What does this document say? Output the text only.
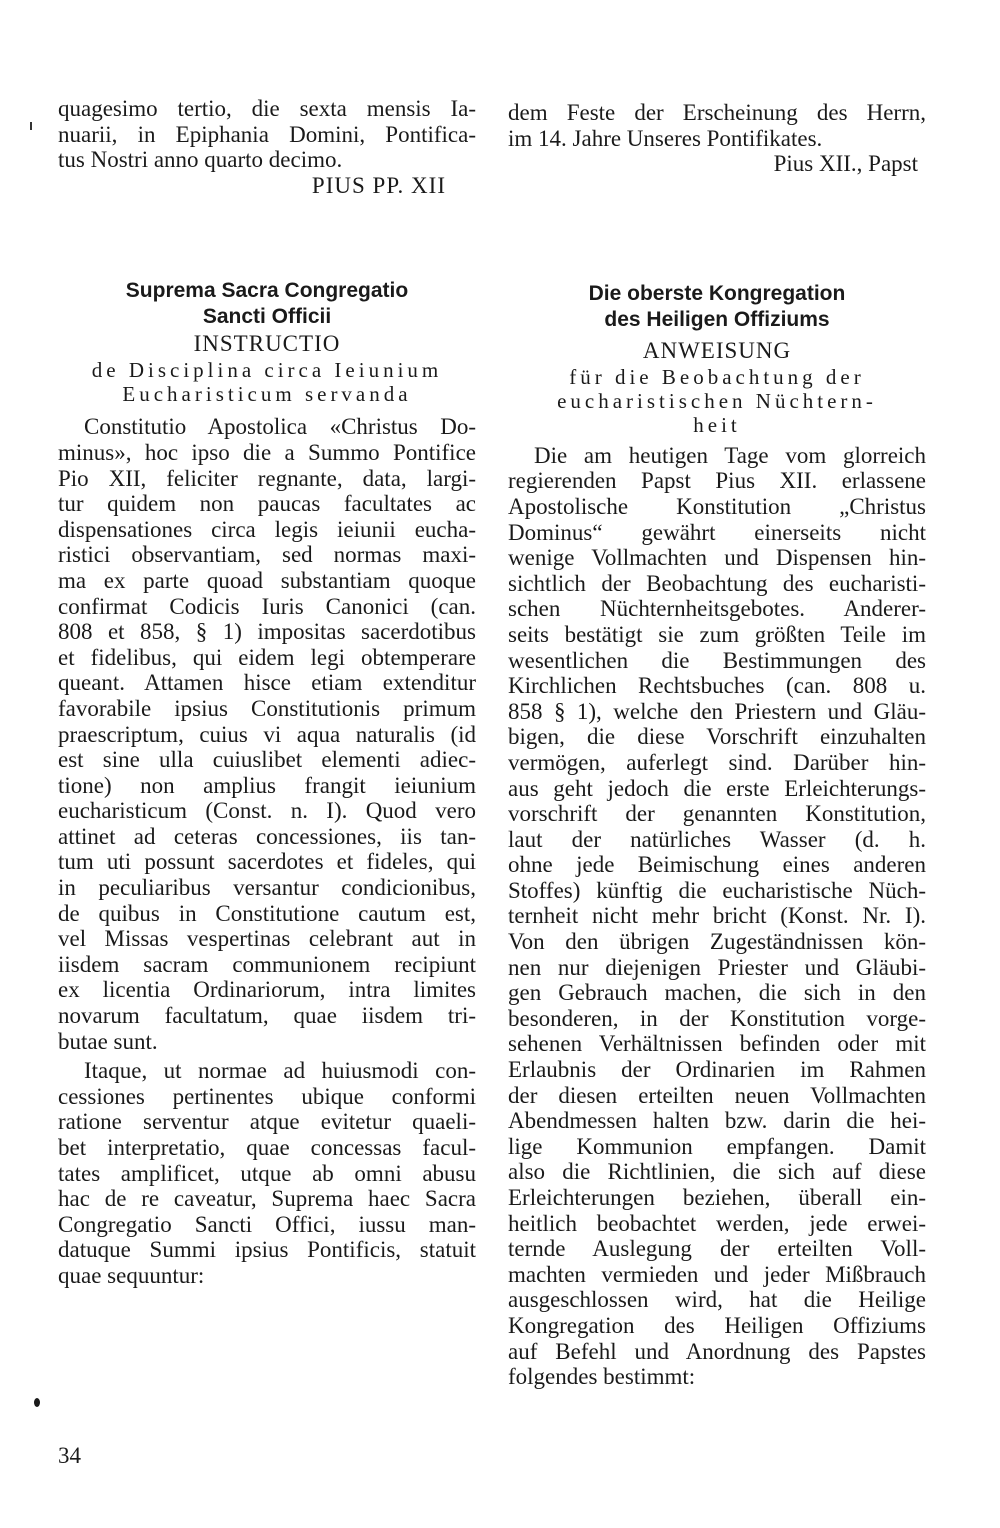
quagesimo tertio, die sexta mensis Ia-
nuarii, in Epiphania Domini, Pontifica-
tus Nostri anno quarto decimo.
PIUS PP. XII
Suprema Sacra Congregatio
Sancti Officii
INSTRUCTIO
de Disciplina circa Ieiunium
Eucharisticum servanda
Constitutio Apostolica «Christus Do-
minus», hoc ipso die a Summo Pontifice
Pio XII, feliciter regnante, data, largi-
tur quidem non paucas facultates ac
dispensationes circa legis ieiunii eucha-
ristici observantiam, sed normas maxi-
ma ex parte quoad substantiam quoque
confirmat Codicis Iuris Canonici (can.
808 et 858, § 1) impositas sacerdotibus
et fidelibus, qui eidem legi obtemperare
queant. Attamen hisce etiam extenditur
favorabile ipsius Constitutionis primum
praescriptum, cuius vi aqua naturalis (id
est sine ulla cuiuslibet elementi adiec-
tione) non amplius frangit ieiunium
eucharisticum (Const. n. I). Quod vero
attinet ad ceteras concessiones, iis tan-
tum uti possunt sacerdotes et fideles, qui
in peculiaribus versantur condicionibus,
de quibus in Constitutione cautum est,
vel Missas vespertinas celebrant aut in
iisdem sacram communionem recipiunt
ex licentia Ordinariorum, intra limites
novarum facultatum, quae iisdem tri-
butae sunt.
Itaque, ut normae ad huiusmodi con-
cessiones pertinentes ubique conformi
ratione serventur atque evitetur quaeli-
bet interpretatio, quae concessas facul-
tates amplificet, utque ab omni abusu
hac de re caveatur, Suprema haec Sacra
Congregatio Sancti Offici, iussu man-
datuque Summi ipsius Pontificis, statuit
quae sequuntur:
dem Feste der Erscheinung des Herrn,
im 14. Jahre Unseres Pontifikates.
Pius XII., Papst
Die oberste Kongregation
des Heiligen Offiziums
ANWEISUNG
für die Beobachtung der
eucharistischen Nüchtern-
heit
Die am heutigen Tage vom glorreich
regierenden Papst Pius XII. erlassene
Apostolische Konstitution „Christus
Dominus“ gewährt einerseits nicht
wenige Vollmachten und Dispensen hin-
sichtlich der Beobachtung des eucharisti-
schen Nüchternheitsgebotes. Anderer-
seits bestätigt sie zum größten Teile im
wesentlichen die Bestimmungen des
Kirchlichen Rechtsbuches (can. 808 u.
858 § 1), welche den Priestern und Gläu-
bigen, die diese Vorschrift einzuhalten
vermögen, auferlegt sind. Darüber hin-
aus geht jedoch die erste Erleichterungs-
vorschrift der genannten Konstitution,
laut der natürliches Wasser (d. h.
ohne jede Beimischung eines anderen
Stoffes) künftig die eucharistische Nüch-
ternheit nicht mehr bricht (Konst. Nr. I).
Von den übrigen Zugeständnissen kön-
nen nur diejenigen Priester und Gläubi-
gen Gebrauch machen, die sich in den
besonderen, in der Konstitution vorge-
sehenen Verhältnissen befinden oder mit
Erlaubnis der Ordinarien im Rahmen
der diesen erteilten neuen Vollmachten
Abendmessen halten bzw. darin die hei-
lige Kommunion empfangen. Damit
also die Richtlinien, die sich auf diese
Erleichterungen beziehen, überall ein-
heitlich beobachtet werden, jede erwei-
ternde Auslegung der erteilten Voll-
machten vermieden und jeder Mißbrauch
ausgeschlossen wird, hat die Heilige
Kongregation des Heiligen Offiziums
auf Befehl und Anordnung des Papstes
folgendes bestimmt:
34
